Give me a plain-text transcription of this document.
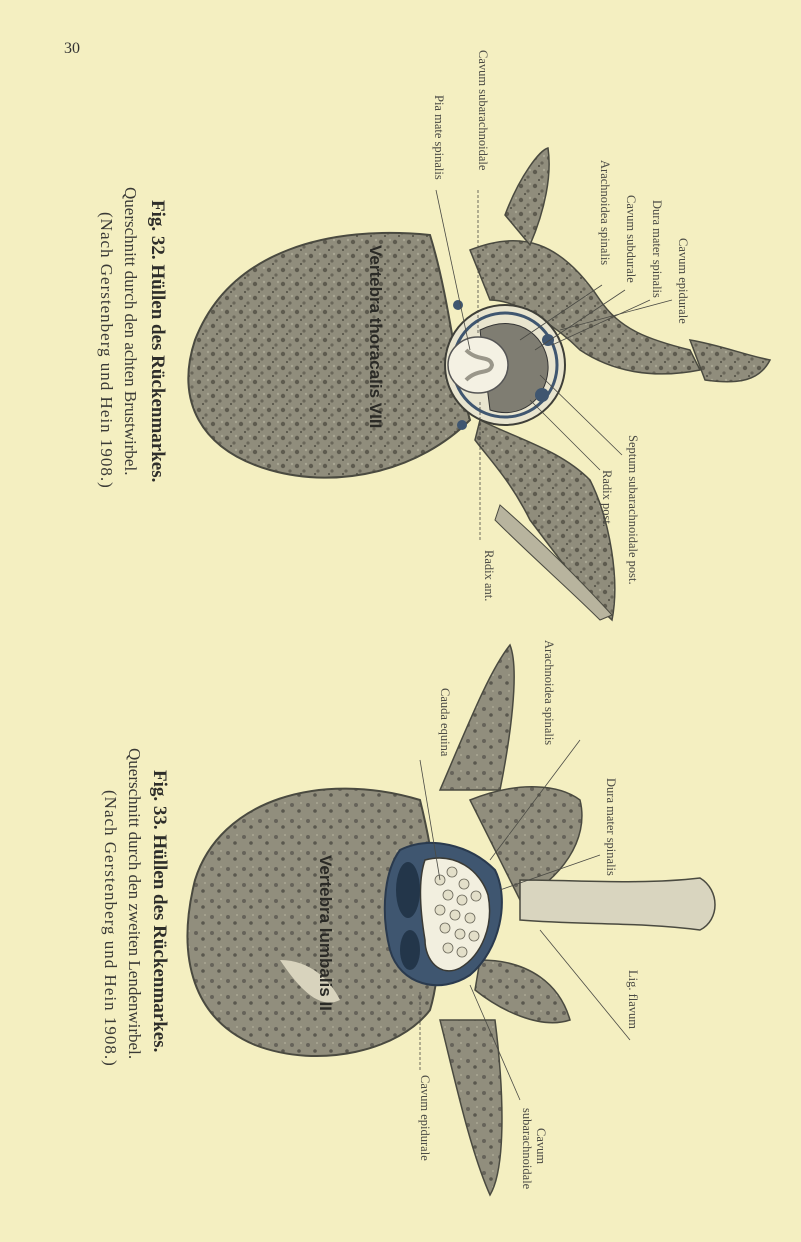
30
Vertebra thoracalis VIII	Cavum epidurale
Dura mater spinalis
Cavum subdurale
Arachnoidea spinalis
Septum subarachnoidale post.
Radix post.
Radix ant.
Cavum subarachnoidale
Pia mate spinalis
Fig. 32. Hüllen des Rückenmarkes.
Querschnitt durch den achten Brustwirbel.
(Nach Gerstenberg und Hein 1908.)
Vertebra lumbalis II
Arachnoidea spinalis
Dura mater spinalis
Lig. flavum
Cauda equina
Cavum
subarachnoidale
Cavum epidurale
Fig. 33. Hüllen des Rückenmarkes.
Querschnitt durch den zweiten Lendenwirbel.
(Nach Gerstenberg und Hein 1908.)
